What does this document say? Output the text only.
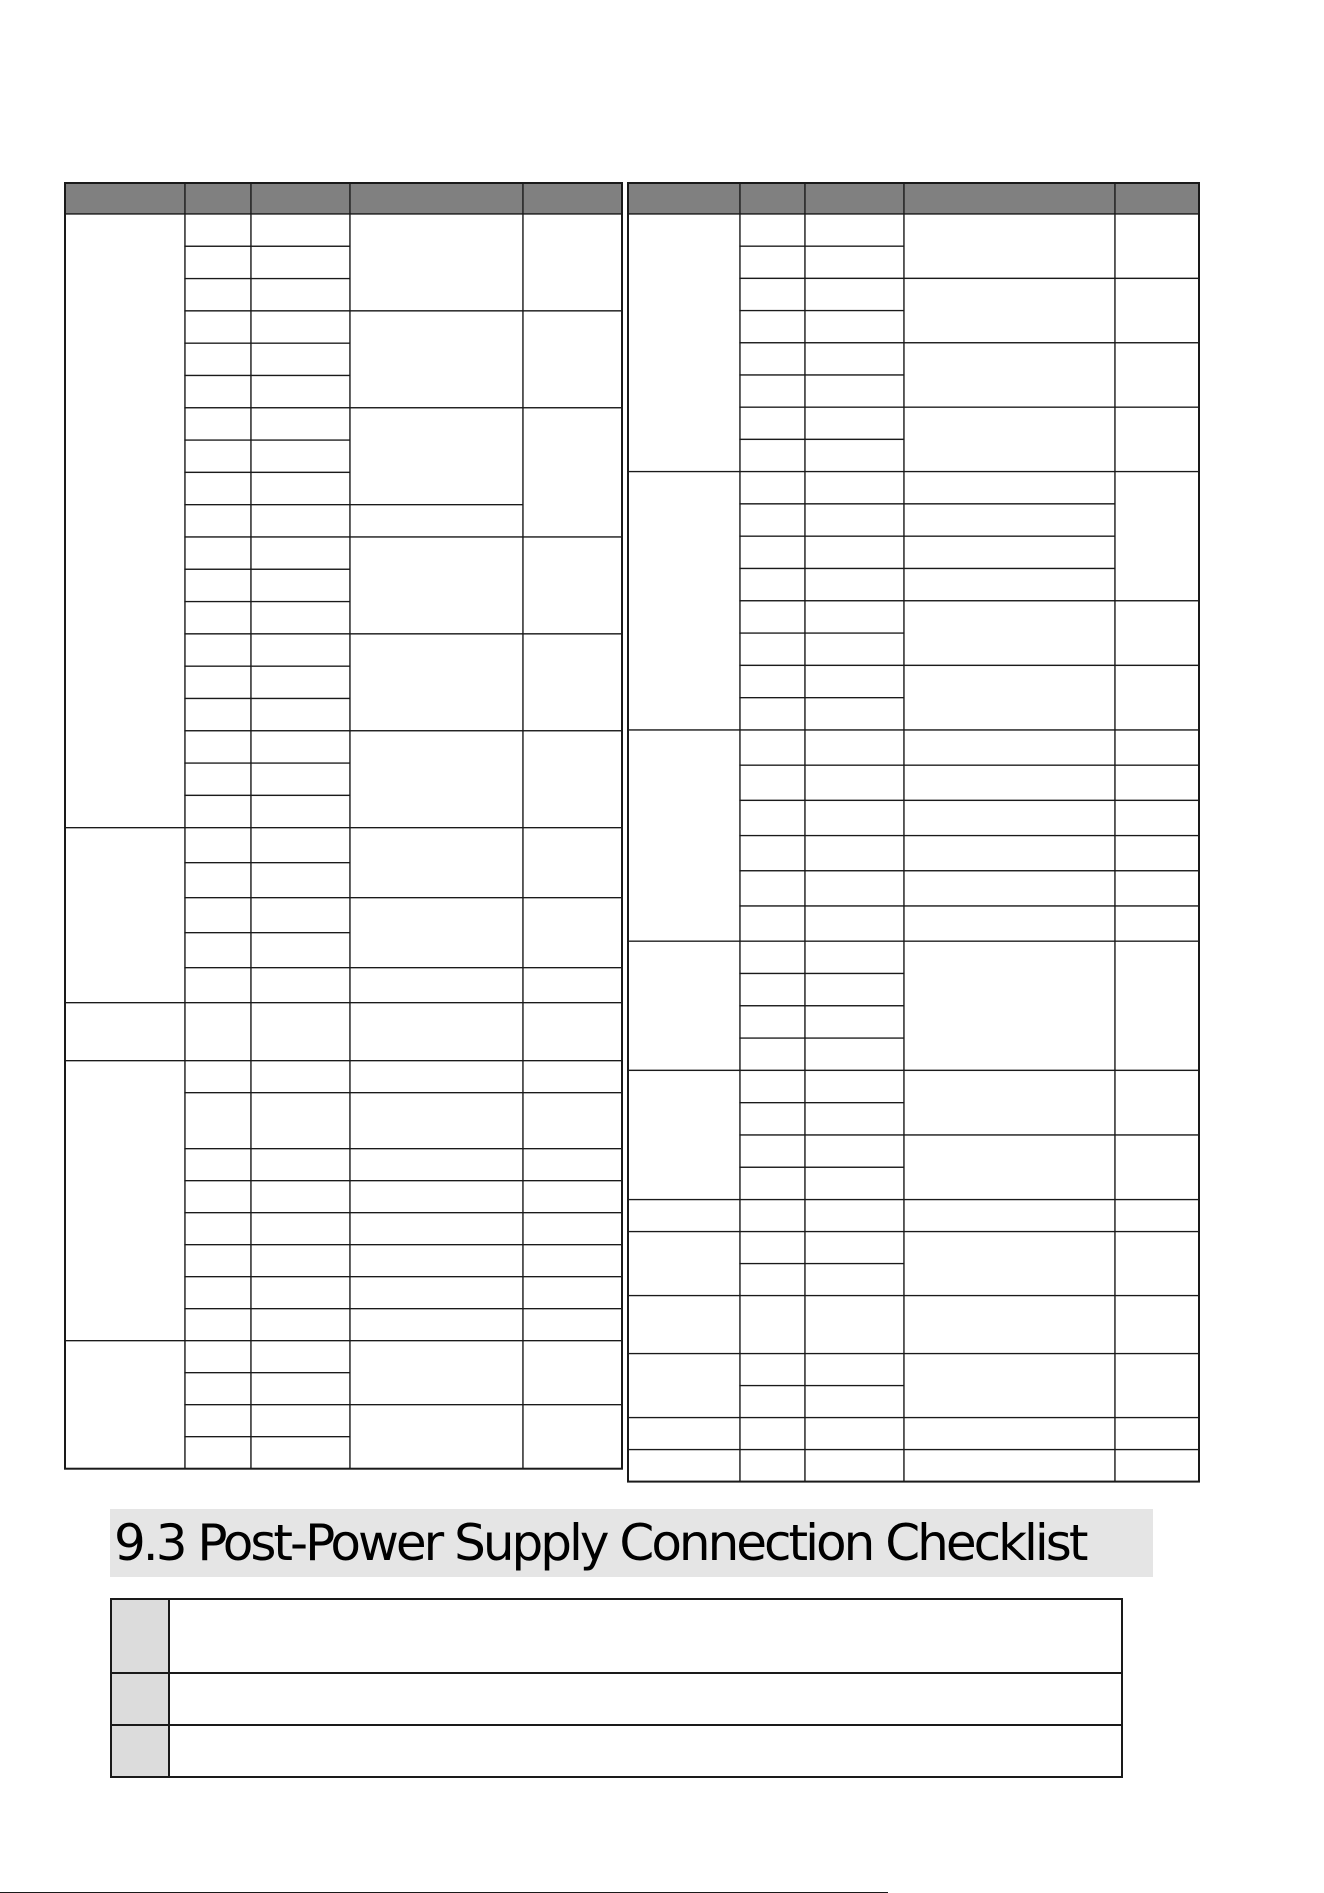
9.3 Post-Power Supply Connection Checklist
